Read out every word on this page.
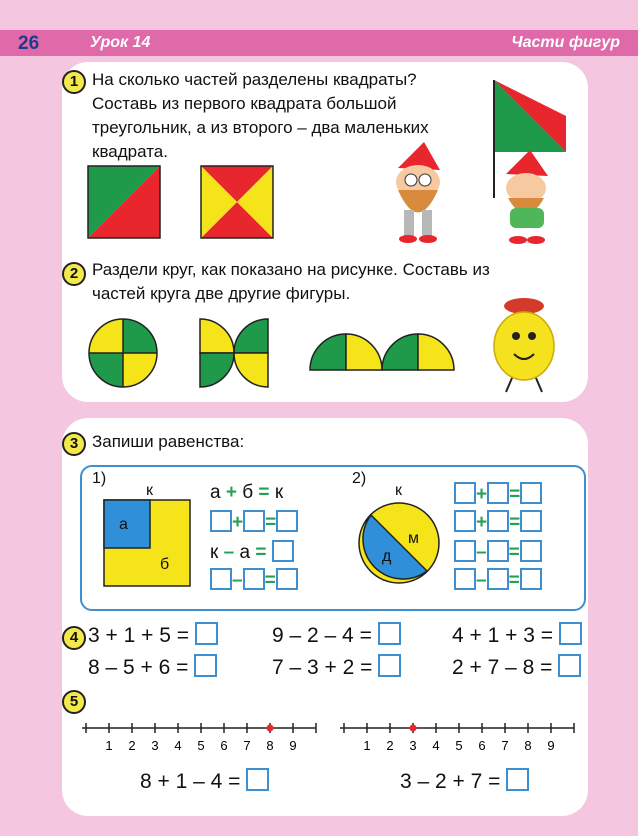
26	Урок 14	Части фигур
1 На сколько частей разделены квадраты?
Составь из первого квадрата большой
треугольник, а из второго – два маленьких
квадрата.
2 Раздели круг, как показано на рисунке. Составь из
частей круга две другие фигуры.
3 Запиши равенства:
1)
к
а
б
а + б = к
+ =
к – а =
– =
2)
к
м
д
+ =
+ =
– =
– =
4 3 + 1 + 5 =	9 – 2 – 4 =	4 + 1 + 3 =
8 – 5 + 6 =	7 – 3 + 2 =	2 + 7 – 8 =
5
1 2 3 4 5 6 7 8 9	1 2 3 4 5 6 7 8 9
8 + 1 – 4 =	3 – 2 + 7 =
